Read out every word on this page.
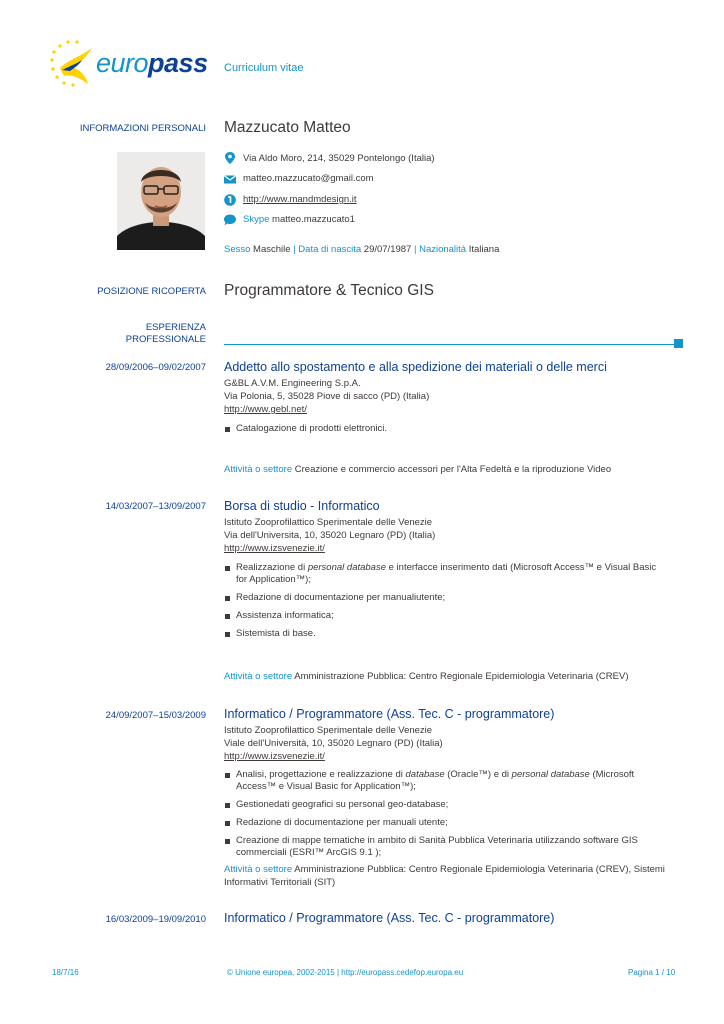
europass Curriculum vitae
INFORMAZIONI PERSONALI Mazzucato Matteo
Via Aldo Moro, 214, 35029 Pontelongo (Italia)
matteo.mazzucato@gmail.com
http://www.mandmdesign.it
Skype matteo.mazzucato1
Sesso Maschile | Data di nascita 29/07/1987 | Nazionalità Italiana
POSIZIONE RICOPERTA Programmatore & Tecnico GIS
ESPERIENZA PROFESSIONALE
28/09/2006–09/02/2007 Addetto allo spostamento e alla spedizione dei materiali o delle merci
G&BL A.V.M. Engineering S.p.A.
Via Polonia, 5, 35028 Piove di sacco (PD) (Italia)
http://www.gebl.net/
Catalogazione di prodotti elettronici.
Attività o settore Creazione e commercio accessori per l'Alta Fedeltà e la riproduzione Video
14/03/2007–13/09/2007 Borsa di studio - Informatico
Istituto Zooprofilattico Sperimentale delle Venezie
Via dell'Universita, 10, 35020 Legnaro (PD) (Italia)
http://www.izsvenezie.it/
Realizzazione di personal database e interfacce inserimento dati (Microsoft Access™ e Visual Basic for Application™);
Redazione di documentazione per manualiutente;
Assistenza informatica;
Sistemista di base.
Attività o settore Amministrazione Pubblica: Centro Regionale Epidemiologia Veterinaria (CREV)
24/09/2007–15/03/2009 Informatico / Programmatore (Ass. Tec. C - programmatore)
Istituto Zooprofilattico Sperimentale delle Venezie
Viale dell'Università, 10, 35020 Legnaro (PD) (Italia)
http://www.izsvenezie.it/
Analisi, progettazione e realizzazione di database (Oracle™) e di personal database (Microsoft Access™ e Visual Basic for Application™);
Gestionedati geografici su personal geo-database;
Redazione di documentazione per manuali utente;
Creazione di mappe tematiche in ambito di Sanità Pubblica Veterinaria utilizzando software GIS commerciali (ESRI™ ArcGIS 9.1 );
Attività o settore Amministrazione Pubblica: Centro Regionale Epidemiologia Veterinaria (CREV), Sistemi Informativi Territoriali (SIT)
16/03/2009–19/09/2010 Informatico / Programmatore (Ass. Tec. C - programmatore)
18/7/16	© Unione europea, 2002-2015 | http://europass.cedefop.europa.eu	Pagina 1 / 10
